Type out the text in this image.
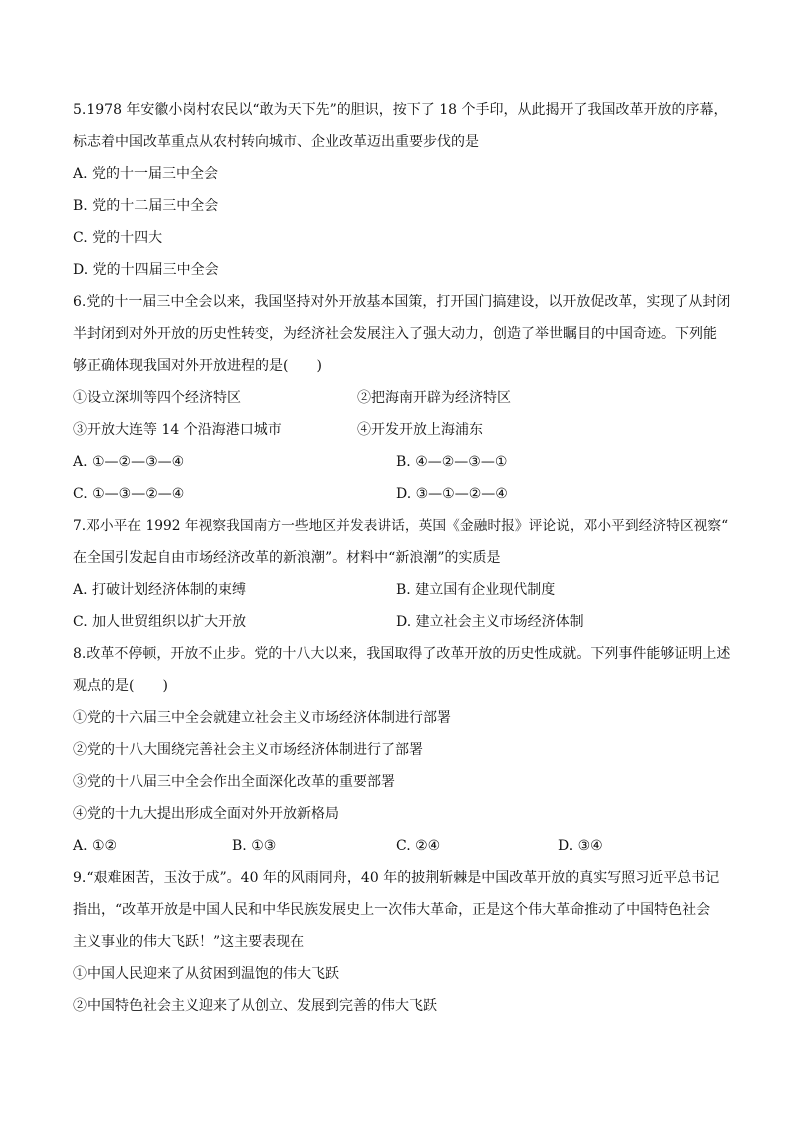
5.1978 年安徽小岗村农民以“敢为天下先”的胆识，按下了 18 个手印，从此揭开了我国改革开放的序幕，
标志着中国改革重点从农村转向城市、企业改革迈出重要步伐的是
A. 党的十一届三中全会
B. 党的十二届三中全会
C. 党的十四大
D. 党的十四届三中全会
6.党的十一届三中全会以来，我国坚持对外开放基本国策，打开国门搞建设，以开放促改革，实现了从封闭
半封闭到对外开放的历史性转变，为经济社会发展注入了强大动力，创造了举世瞩目的中国奇迹。下列能
够正确体现我国对外开放进程的是(　　)
①设立深圳等四个经济特区	②把海南开辟为经济特区
③开放大连等 14 个沿海港口城市	④开发开放上海浦东
A. ①—②—③—④	B. ④—②—③—①
C. ①—③—②—④	D. ③—①—②—④
7.邓小平在 1992 年视察我国南方一些地区并发表讲话，英国《金融时报》评论说，邓小平到经济特区视察“
在全国引发起自由市场经济改革的新浪潮”。材料中“新浪潮”的实质是
A. 打破计划经济体制的束缚	B. 建立国有企业现代制度
C. 加人世贸组织以扩大开放	D. 建立社会主义市场经济体制
8.改革不停顿，开放不止步。党的十八大以来，我国取得了改革开放的历史性成就。下列事件能够证明上述
观点的是(　　)
①党的十六届三中全会就建立社会主义市场经济体制进行部署
②党的十八大围绕完善社会主义市场经济体制进行了部署
③党的十八届三中全会作出全面深化改革的重要部署
④党的十九大提出形成全面对外开放新格局
A. ①②	B. ①③	C. ②④	D. ③④
9.“艰难困苦，玉汝于成”。40 年的风雨同舟，40 年的披荆斩棘是中国改革开放的真实写照习近平总书记
指出，“改革开放是中国人民和中华民族发展史上一次伟大革命，正是这个伟大革命推动了中国特色社会
主义事业的伟大飞跃！”这主要表现在
①中国人民迎来了从贫困到温饱的伟大飞跃
②中国特色社会主义迎来了从创立、发展到完善的伟大飞跃
